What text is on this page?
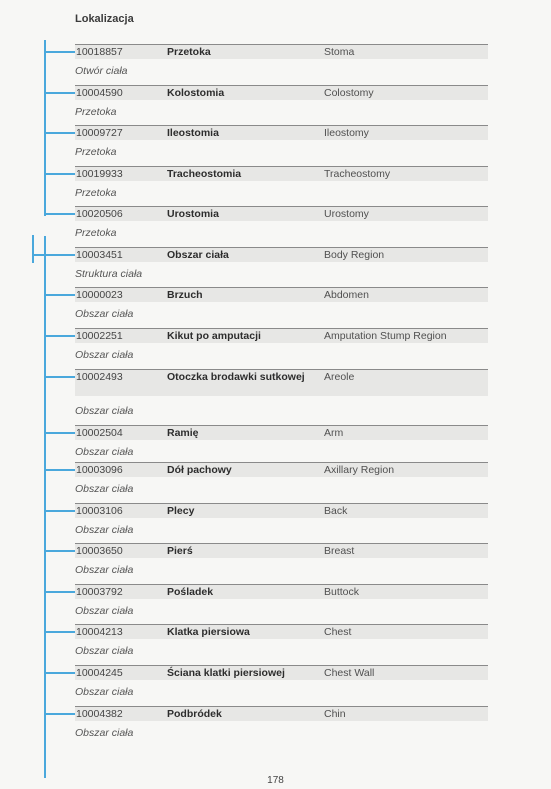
Lokalizacja
10018857	Przetoka	Stoma
Otwór ciała
10004590	Kolostomia	Colostomy
Przetoka
10009727	Ileostomia	Ileostomy
Przetoka
10019933	Tracheostomia	Tracheostomy
Przetoka
10020506	Urostomia	Urostomy
Przetoka
10003451	Obszar ciała	Body Region
Struktura ciała
10000023	Brzuch	Abdomen
Obszar ciała
10002251	Kikut po amputacji	Amputation Stump Region
Obszar ciała
10002493	Otoczka brodawki sutkowej	Areole
Obszar ciała
10002504	Ramię	Arm
Obszar ciała
10003096	Dół pachowy	Axillary Region
Obszar ciała
10003106	Plecy	Back
Obszar ciała
10003650	Pierś	Breast
Obszar ciała
10003792	Pośladek	Buttock
Obszar ciała
10004213	Klatka piersiowa	Chest
Obszar ciała
10004245	Ściana klatki piersiowej	Chest Wall
Obszar ciała
10004382	Podbródek	Chin
Obszar ciała
178
